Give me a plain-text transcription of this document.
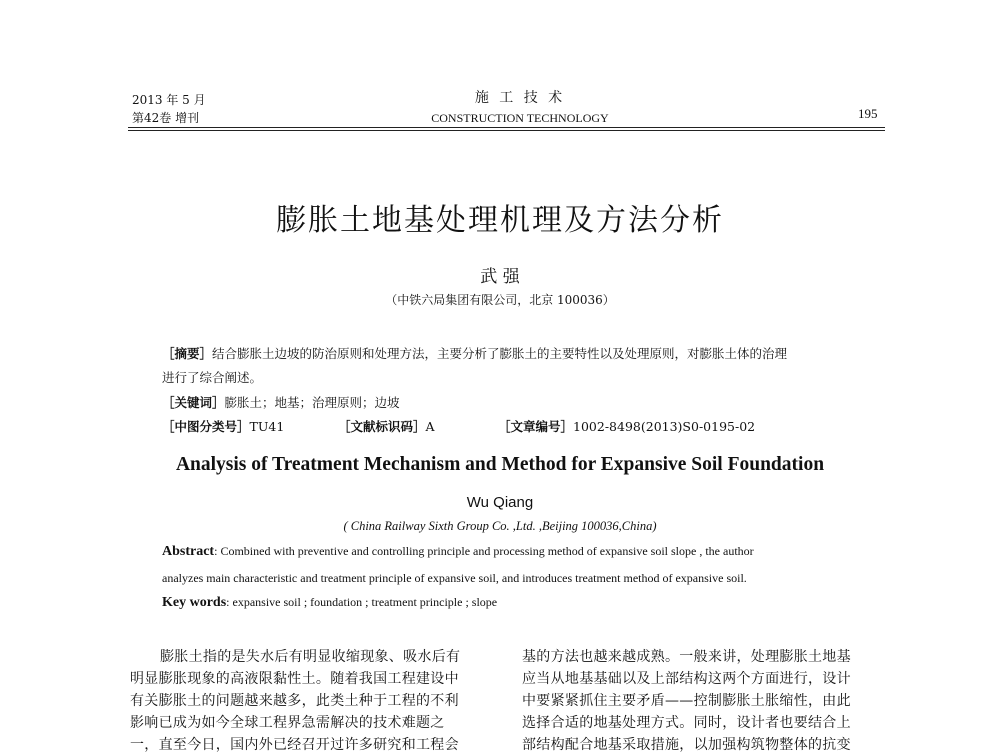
2013 年 5 月
第42卷 增刊
施 工 技 术
CONSTRUCTION TECHNOLOGY	195
膨胀土地基处理机理及方法分析
武 强
（中铁六局集团有限公司，北京 100036）
［摘要］结合膨胀土边坡的防治原则和处理方法，主要分析了膨胀土的主要特性以及处理原则，对膨胀土体的治理
进行了综合阐述。
［关键词］膨胀土；地基；治理原则；边坡
［中图分类号］TU41	［文献标识码］A	［文章编号］1002-8498(2013)S0-0195-02
Analysis of Treatment Mechanism and Method for Expansive Soil Foundation
Wu Qiang
( China Railway Sixth Group Co. ,Ltd. ,Beijing 100036,China)
Abstract: Combined with preventive and controlling principle and processing method of expansive soil slope , the author
analyzes main characteristic and treatment principle of expansive soil, and introduces treatment method of expansive soil.
Key words: expansive soil ; foundation ; treatment principle ; slope
膨胀土指的是失水后有明显收缩现象、吸水后有
明显膨胀现象的高液限黏性土。随着我国工程建设中
有关膨胀土的问题越来越多，此类土种于工程的不利
影响已成为如今全球工程界急需解决的技术难题之
一，直至今日，国内外已经召开过许多研究和工程会
基的方法也越来越成熟。一般来讲，处理膨胀土地基
应当从地基基础以及上部结构这两个方面进行，设计
中要紧紧抓住主要矛盾——控制膨胀土胀缩性，由此
选择合适的地基处理方式。同时，设计者也要结合上
部结构配合地基采取措施，以加强构筑物整体的抗变
